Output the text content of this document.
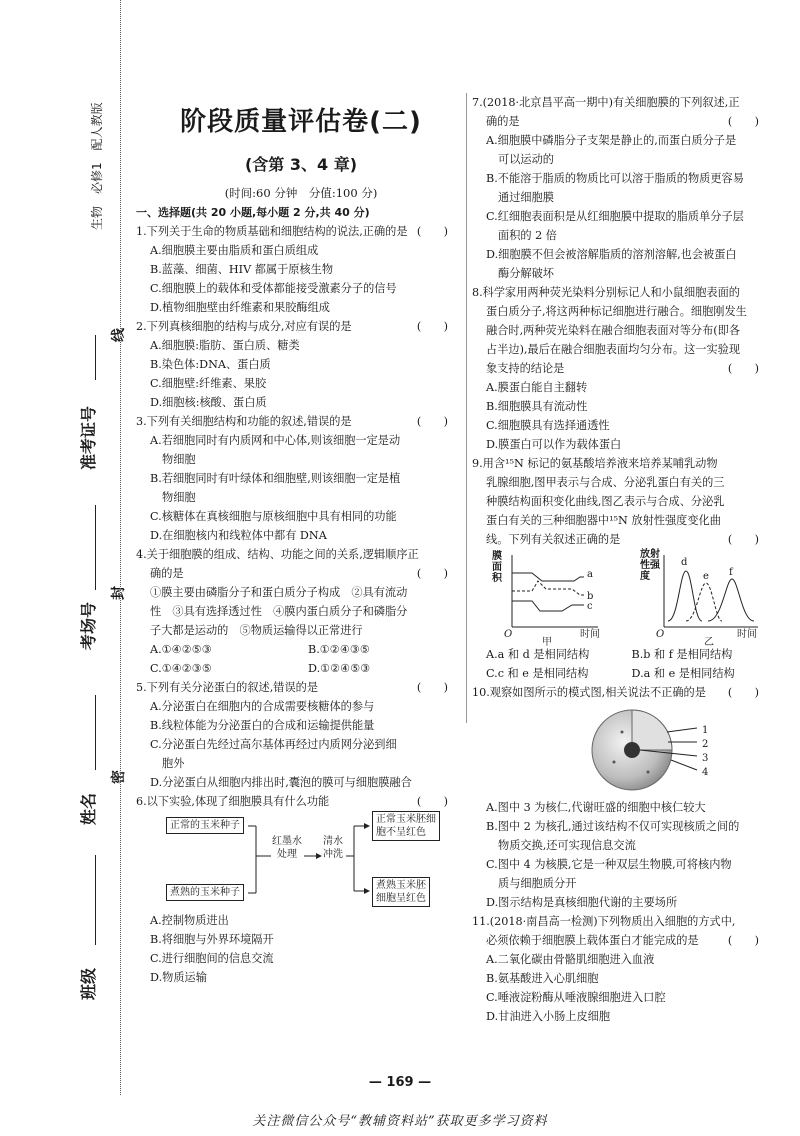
生物　必修1　配人教版
准考证号
考场号
姓名
班级
线
封
密
阶段质量评估卷(二)
(含第 3、4 章)
(时间:60 分钟　分值:100 分)
一、选择题(共 20 小题,每小题 2 分,共 40 分)
1.下列关于生命的物质基础和细胞结构的说法,正确的是 (　　)
A.细胞膜主要由脂质和蛋白质组成
B.蓝藻、细菌、HIV 都属于原核生物
C.细胞膜上的载体和受体都能接受激素分子的信号
D.植物细胞壁由纤维素和果胶酶组成
2.下列真核细胞的结构与成分,对应有误的是	(　　)
A.细胞膜:脂肪、蛋白质、糖类
B.染色体:DNA、蛋白质
C.细胞壁:纤维素、果胶
D.细胞核:核酸、蛋白质
3.下列有关细胞结构和功能的叙述,错误的是	(　　)
A.若细胞同时有内质网和中心体,则该细胞一定是动
物细胞
B.若细胞同时有叶绿体和细胞壁,则该细胞一定是植
物细胞
C.核糖体在真核细胞与原核细胞中具有相同的功能
D.在细胞核内和线粒体中都有 DNA
4.关于细胞膜的组成、结构、功能之间的关系,逻辑顺序正
确的是	(　　)
①膜主要由磷脂分子和蛋白质分子构成　②具有流动
性　③具有选择透过性　④膜内蛋白质分子和磷脂分
子大都是运动的　⑤物质运输得以正常进行
A.①④②⑤③	B.①②④③⑤
C.①④②③⑤	D.①②④⑤③
5.下列有关分泌蛋白的叙述,错误的是	(　　)
A.分泌蛋白在细胞内的合成需要核糖体的参与
B.线粒体能为分泌蛋白的合成和运输提供能量
C.分泌蛋白先经过高尔基体再经过内质网分泌到细
胞外
D.分泌蛋白从细胞内排出时,囊泡的膜可与细胞膜融合
6.以下实验,体现了细胞膜具有什么功能	(　　)
正常的玉米种子
煮熟的玉米种子
红墨水
处理
清水
冲洗
正常玉米胚细
胞不呈红色
煮熟玉米胚
细胞呈红色
A.控制物质进出
B.将细胞与外界环境隔开
C.进行细胞间的信息交流
D.物质运输
7.(2018·北京昌平高一期中)有关细胞膜的下列叙述,正
确的是	(　　)
A.细胞膜中磷脂分子支架是静止的,而蛋白质分子是
可以运动的
B.不能溶于脂质的物质比可以溶于脂质的物质更容易
通过细胞膜
C.红细胞表面积是从红细胞膜中提取的脂质单分子层
面积的 2 倍
D.细胞膜不但会被溶解脂质的溶剂溶解,也会被蛋白
酶分解破坏
8.科学家用两种荧光染料分别标记人和小鼠细胞表面的
蛋白质分子,将这两种标记细胞进行融合。细胞刚发生
融合时,两种荧光染料在融合细胞表面对等分布(即各
占半边),最后在融合细胞表面均匀分布。这一实验现
象支持的结论是	(　　)
A.膜蛋白能自主翻转
B.细胞膜具有流动性
C.细胞膜具有选择通透性
D.膜蛋白可以作为载体蛋白
9.用含¹⁵N 标记的氨基酸培养液来培养某哺乳动物
乳腺细胞,图甲表示与合成、分泌乳蛋白有关的三
种膜结构面积变化曲线,图乙表示与合成、分泌乳
蛋白有关的三种细胞器中¹⁵N 放射性强度变化曲
线。下列有关叙述正确的是	(　　)
膜面积
放射性强度
O	O
时间	时间
a
b
c
d
e f
甲	乙
A.a 和 d 是相同结构	B.b 和 f 是相同结构
C.c 和 e 是相同结构	D.a 和 e 是相同结构
10.观察如图所示的模式图,相关说法不正确的是 (　　)
1
2
3
4
A.图中 3 为核仁,代谢旺盛的细胞中核仁较大
B.图中 2 为核孔,通过该结构不仅可实现核质之间的
物质交换,还可实现信息交流
C.图中 4 为核膜,它是一种双层生物膜,可将核内物
质与细胞质分开
D.图示结构是真核细胞代谢的主要场所
11.(2018·南昌高一检测)下列物质出入细胞的方式中,
必须依赖于细胞膜上载体蛋白才能完成的是	(　　)
A.二氧化碳由骨骼肌细胞进入血液
B.氨基酸进入心肌细胞
C.唾液淀粉酶从唾液腺细胞进入口腔
D.甘油进入小肠上皮细胞
— 169 —
关注微信公众号“教辅资料站”获取更多学习资料
